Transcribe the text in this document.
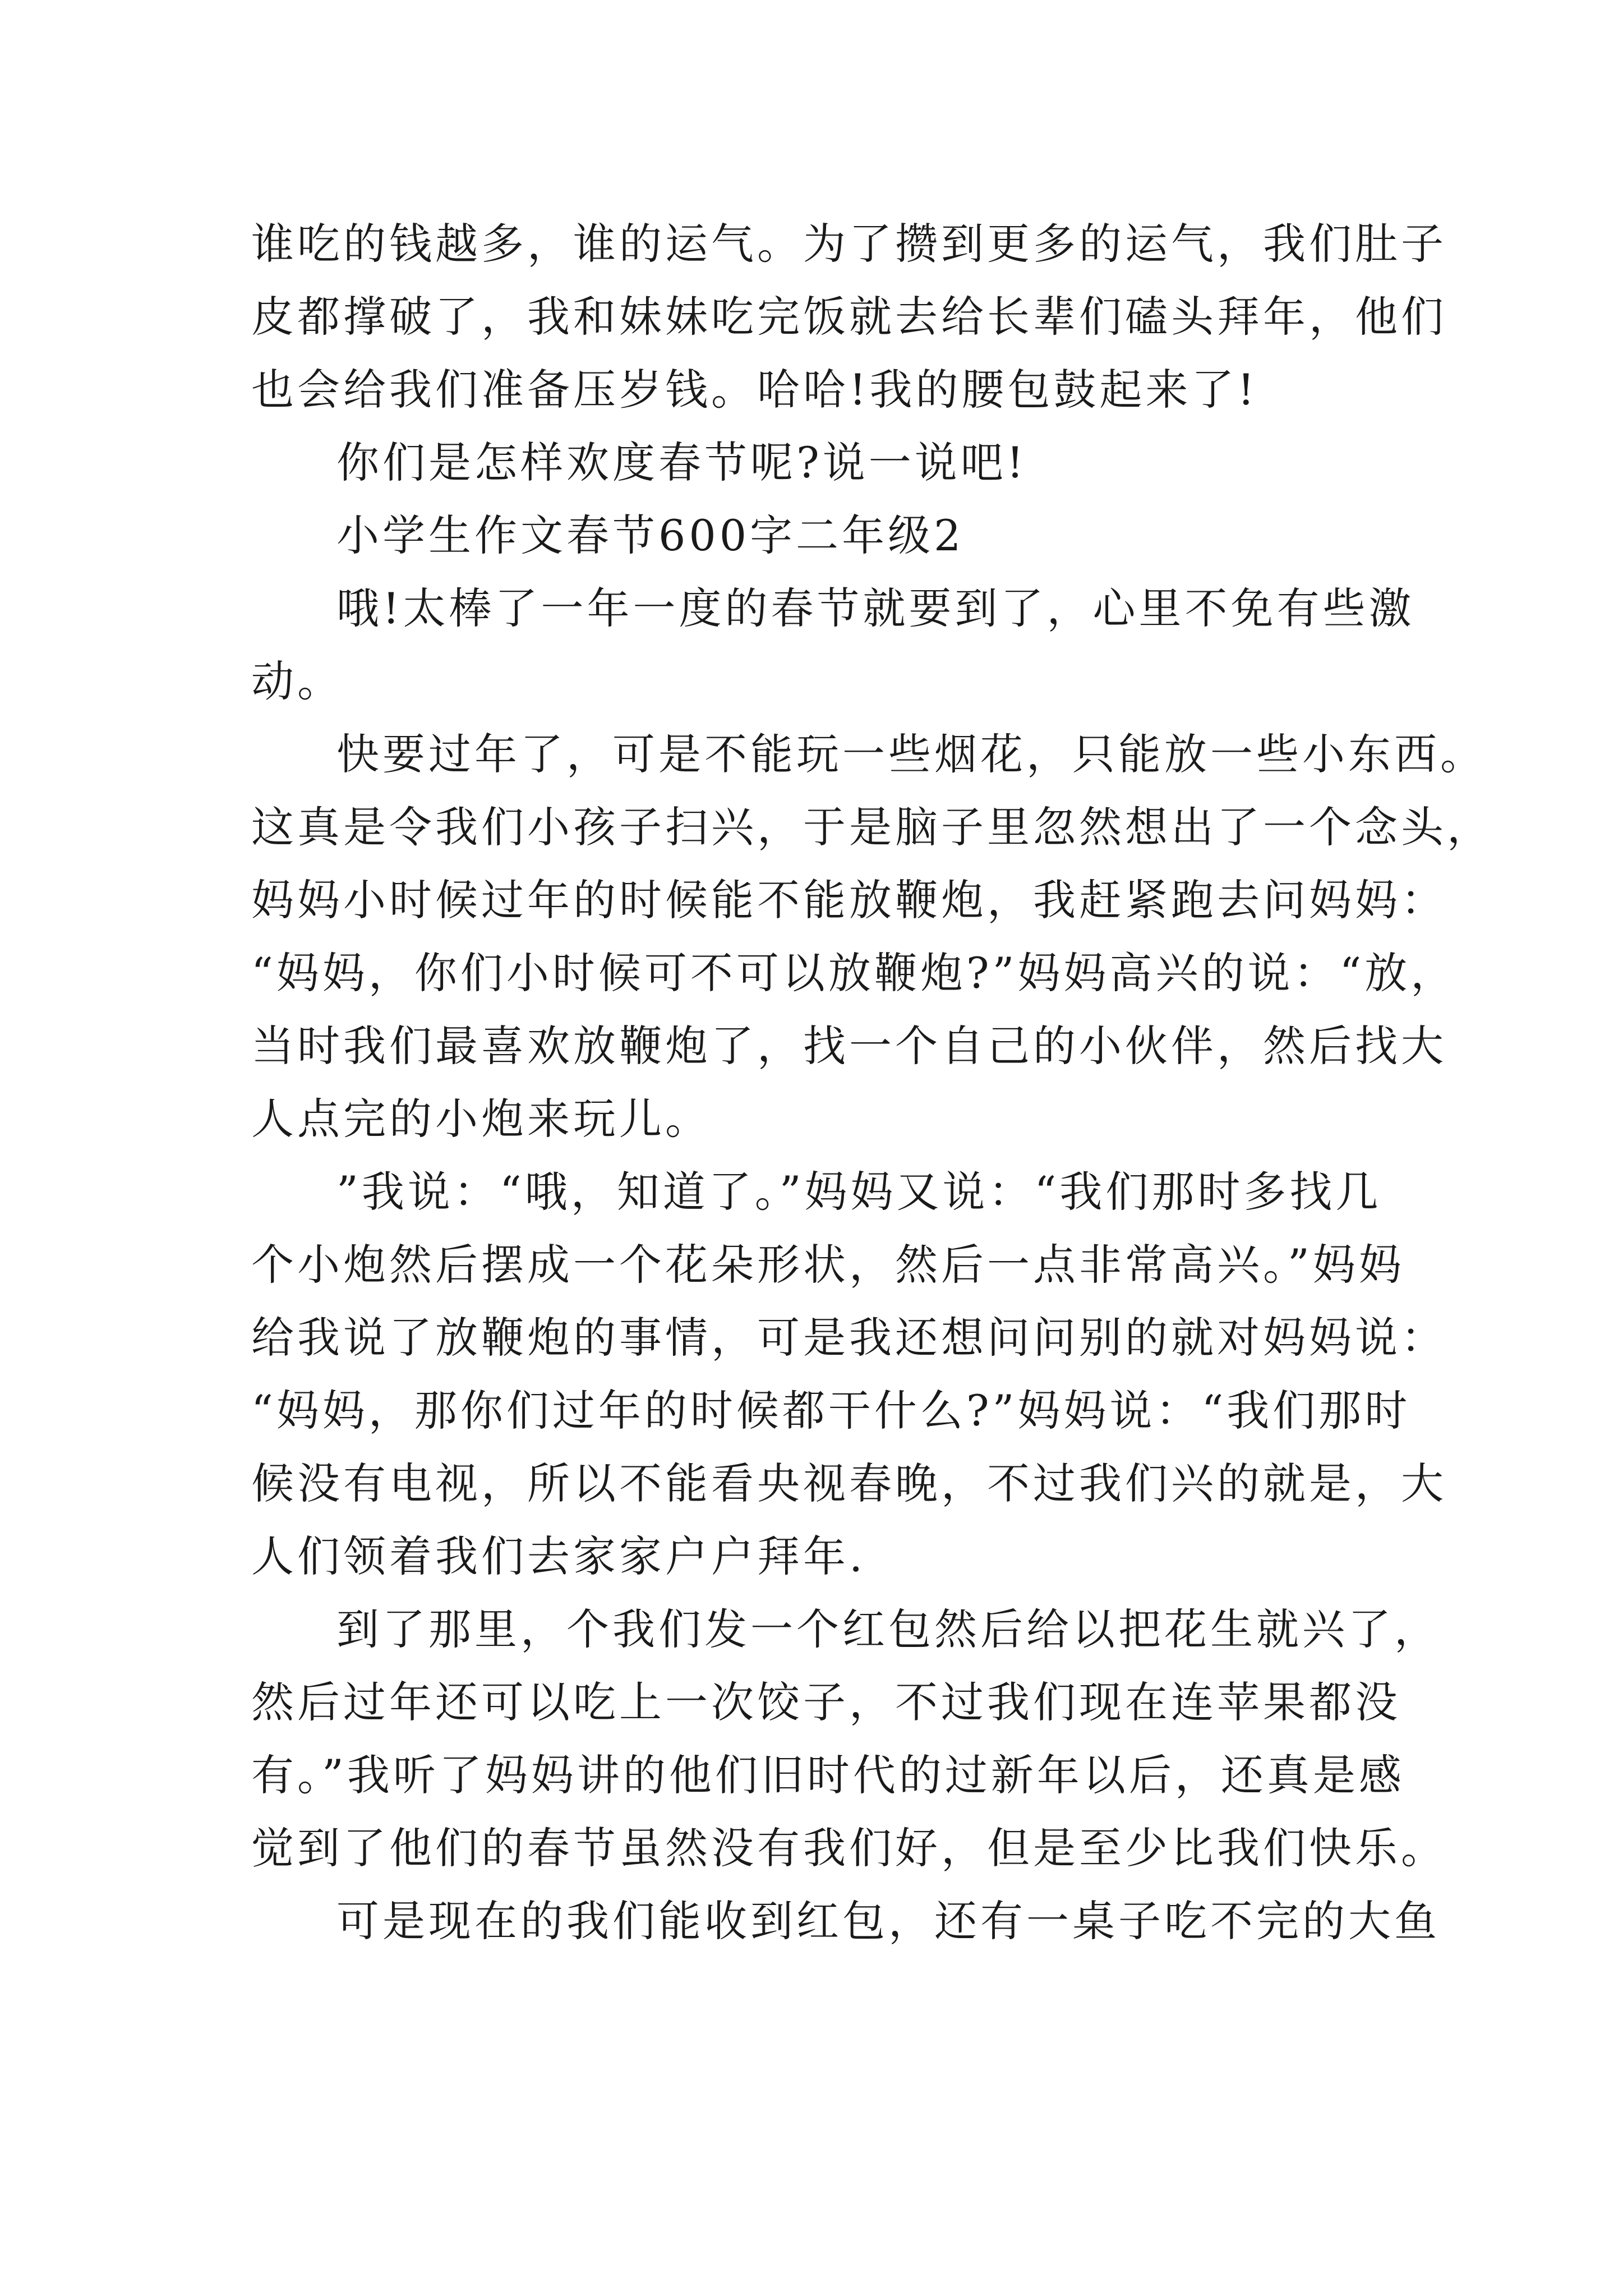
谁吃的钱越多，谁的运气。为了攒到更多的运气，我们肚子
皮都撑破了，我和妹妹吃完饭就去给长辈们磕头拜年，他们
也会给我们准备压岁钱。哈哈!我的腰包鼓起来了!
你们是怎样欢度春节呢?说一说吧!
小学生作文春节600字二年级2
哦!太棒了一年一度的春节就要到了，心里不免有些激
动。
快要过年了，可是不能玩一些烟花，只能放一些小东西。
这真是令我们小孩子扫兴，于是脑子里忽然想出了一个念头，
妈妈小时候过年的时候能不能放鞭炮，我赶紧跑去问妈妈：
“妈妈，你们小时候可不可以放鞭炮?”妈妈高兴的说：“放，
当时我们最喜欢放鞭炮了，找一个自己的小伙伴，然后找大
人点完的小炮来玩儿。
”我说：“哦，知道了。”妈妈又说：“我们那时多找几
个小炮然后摆成一个花朵形状，然后一点非常高兴。”妈妈
给我说了放鞭炮的事情，可是我还想问问别的就对妈妈说：
“妈妈，那你们过年的时候都干什么?”妈妈说：“我们那时
候没有电视，所以不能看央视春晚，不过我们兴的就是，大
人们领着我们去家家户户拜年.
到了那里，个我们发一个红包然后给以把花生就兴了，
然后过年还可以吃上一次饺子，不过我们现在连苹果都没
有。”我听了妈妈讲的他们旧时代的过新年以后，还真是感
觉到了他们的春节虽然没有我们好，但是至少比我们快乐。
可是现在的我们能收到红包，还有一桌子吃不完的大鱼
